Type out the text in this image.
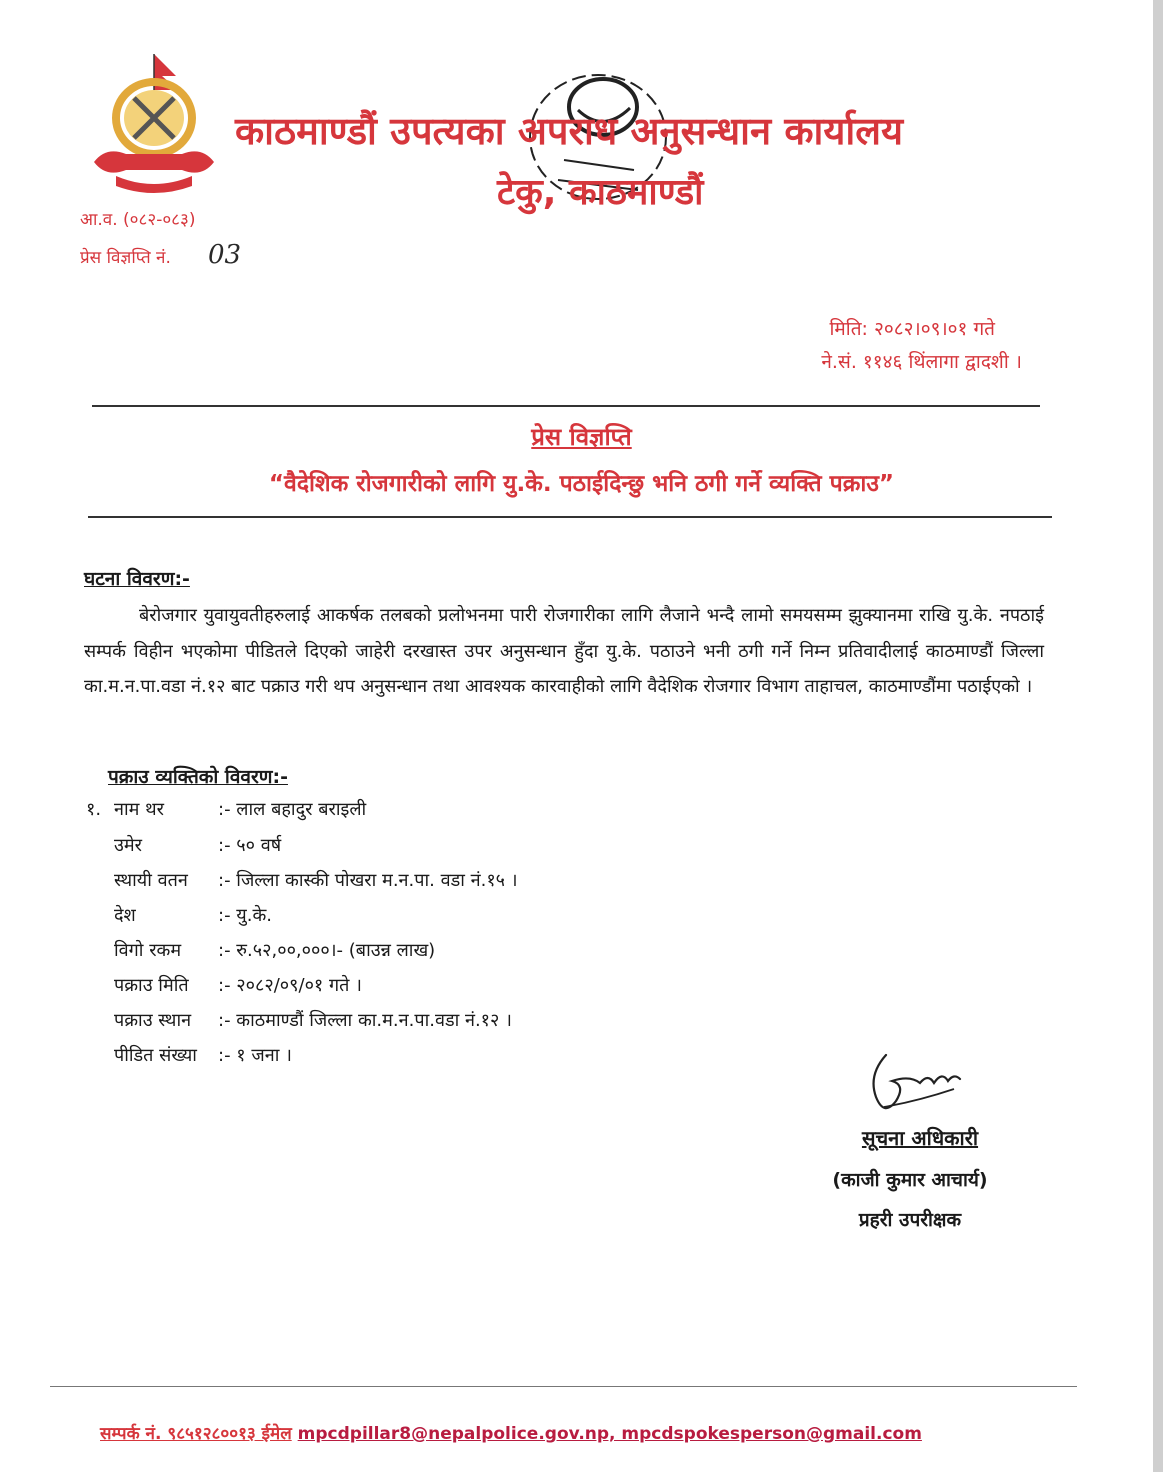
काठमाण्डौं उपत्यका अपराध अनुसन्धान कार्यालय
टेकु, काठमाण्डौं
आ.व. (०८२-०८३)
प्रेस विज्ञप्ति नं. 03
मिति: २०८२।०९।०१ गते
ने.सं. ११४६ थिंलागा द्वादशी ।
प्रेस विज्ञप्ति
“वैदेशिक रोजगारीको लागि यु.के. पठाईदिन्छु भनि ठगी गर्ने व्यक्ति पक्राउ”
घटना विवरण:-
बेरोजगार युवायुवतीहरुलाई आकर्षक तलबको प्रलोभनमा पारी रोजगारीका लागि लैजाने भन्दै लामो समयसम्म झुक्यानमा राखि यु.के. नपठाई सम्पर्क विहीन भएकोमा पीडितले दिएको जाहेरी दरखास्त उपर अनुसन्धान हुँदा यु.के. पठाउने भनी ठगी गर्ने निम्न प्रतिवादीलाई काठमाण्डौं जिल्ला का.म.न.पा.वडा नं.१२ बाट पक्राउ गरी थप अनुसन्धान तथा आवश्यक कारवाहीको लागि वैदेशिक रोजगार विभाग ताहाचल, काठमाण्डौंमा पठाईएको ।
पक्राउ व्यक्तिको विवरण:-
१. नाम थर	:- लाल बहादुर बराइली
उमेर	:- ५० वर्ष
स्थायी वतन :- जिल्ला कास्की पोखरा म.न.पा. वडा नं.१५ ।
देश	:- यु.के.
विगो रकम :- रु.५२,००,०००।- (बाउन्न लाख)
पक्राउ मिति :- २०८२/०९/०१ गते ।
पक्राउ स्थान :- काठमाण्डौं जिल्ला का.म.न.पा.वडा नं.१२ ।
पीडित संख्या :- १ जना ।
सूचना अधिकारी
(काजी कुमार आचार्य)
प्रहरी उपरीक्षक
सम्पर्क नं. ९८५१२८००१३ ईमेल mpcdpillar8@nepalpolice.gov.np, mpcdspokesperson@gmail.com
